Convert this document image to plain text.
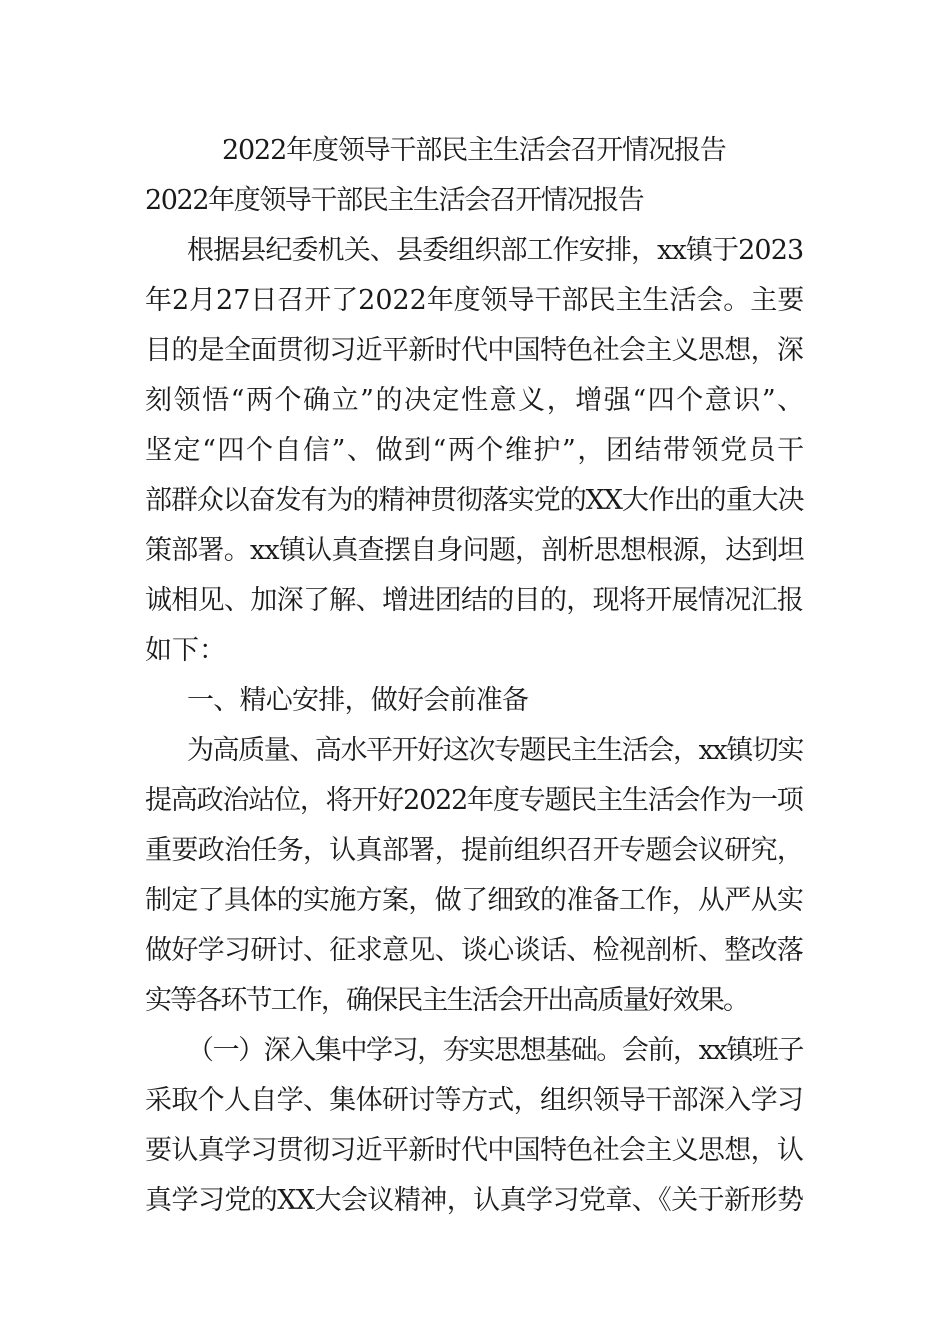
2022年度领导干部民主生活会召开情况报告
2022年度领导干部民主生活会召开情况报告
根据县纪委机关、县委组织部工作安排，xx镇于2023
年2月27日召开了2022年度领导干部民主生活会。主要
目的是全面贯彻习近平新时代中国特色社会主义思想，深
刻领悟“两个确立”的决定性意义，增强“四个意识”、
坚定“四个自信”、做到“两个维护”，团结带领党员干
部群众以奋发有为的精神贯彻落实党的XX大作出的重大决
策部署。xx镇认真查摆自身问题，剖析思想根源，达到坦
诚相见、加深了解、增进团结的目的，现将开展情况汇报
如下：
一、精心安排，做好会前准备
为高质量、高水平开好这次专题民主生活会，xx镇切实
提高政治站位，将开好2022年度专题民主生活会作为一项
重要政治任务，认真部署，提前组织召开专题会议研究，
制定了具体的实施方案，做了细致的准备工作，从严从实
做好学习研讨、征求意见、谈心谈话、检视剖析、整改落
实等各环节工作，确保民主生活会开出高质量好效果。
（一）深入集中学习，夯实思想基础。会前，xx镇班子
采取个人自学、集体研讨等方式，组织领导干部深入学习
要认真学习贯彻习近平新时代中国特色社会主义思想，认
真学习党的XX大会议精神，认真学习党章、《关于新形势
